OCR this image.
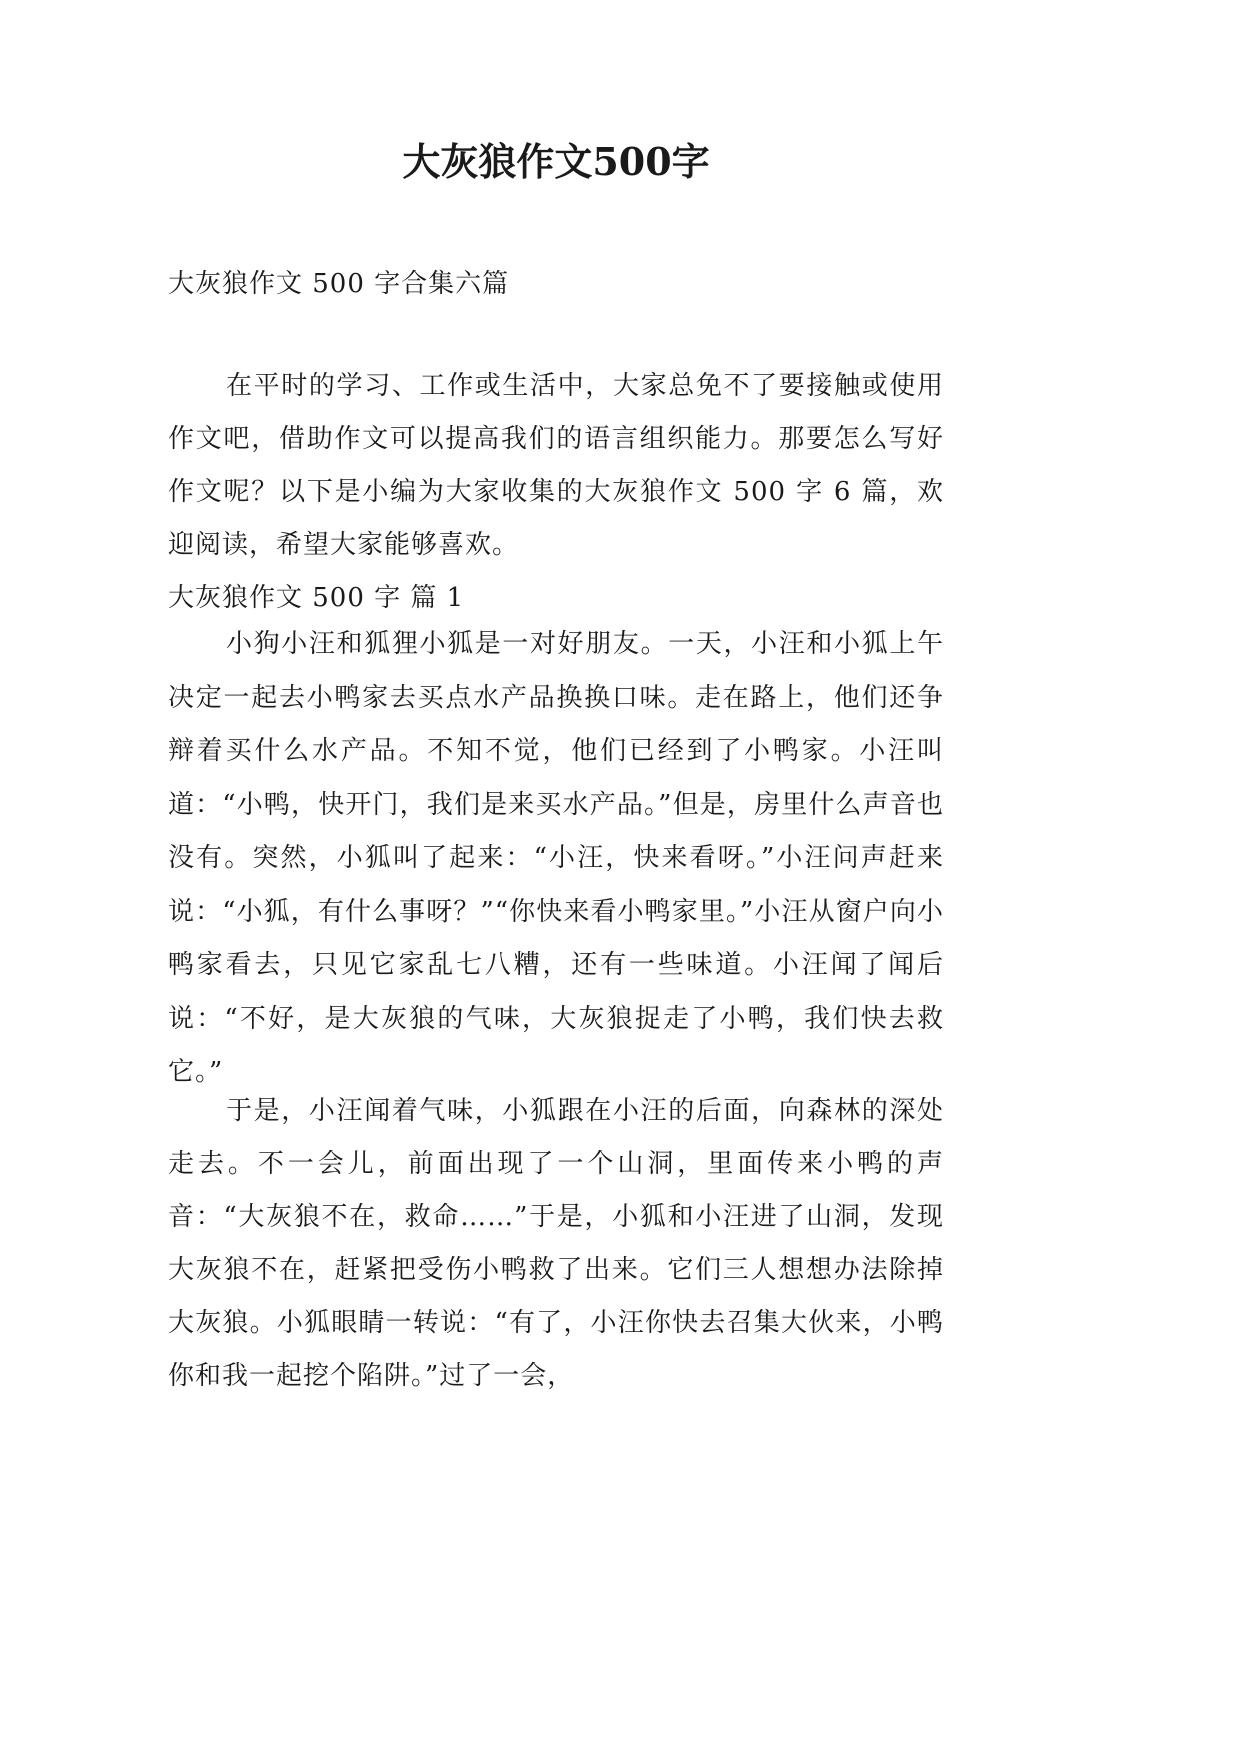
大灰狼作文500字

大灰狼作文 500 字合集六篇

在平时的学习、工作或生活中，大家总免不了要接触或使用作文吧，借助作文可以提高我们的语言组织能力。那要怎么写好作文呢？以下是小编为大家收集的大灰狼作文 500 字 6 篇，欢迎阅读，希望大家能够喜欢。

大灰狼作文 500 字 篇 1

小狗小汪和狐狸小狐是一对好朋友。一天，小汪和小狐上午决定一起去小鸭家去买点水产品换换口味。走在路上，他们还争辩着买什么水产品。不知不觉，他们已经到了小鸭家。小汪叫道：“小鸭，快开门，我们是来买水产品。”但是，房里什么声音也没有。突然，小狐叫了起来：“小汪，快来看呀。”小汪问声赶来说：“小狐，有什么事呀？”“你快来看小鸭家里。”小汪从窗户向小鸭家看去，只见它家乱七八糟，还有一些味道。小汪闻了闻后说：“不好，是大灰狼的气味，大灰狼捉走了小鸭，我们快去救它。”

于是，小汪闻着气味，小狐跟在小汪的后面，向森林的深处走去。不一会儿，前面出现了一个山洞，里面传来小鸭的声音：“大灰狼不在，救命……”于是，小狐和小汪进了山洞，发现大灰狼不在，赶紧把受伤小鸭救了出来。它们三人想想办法除掉大灰狼。小狐眼睛一转说：“有了，小汪你快去召集大伙来，小鸭你和我一起挖个陷阱。”过了一会，
